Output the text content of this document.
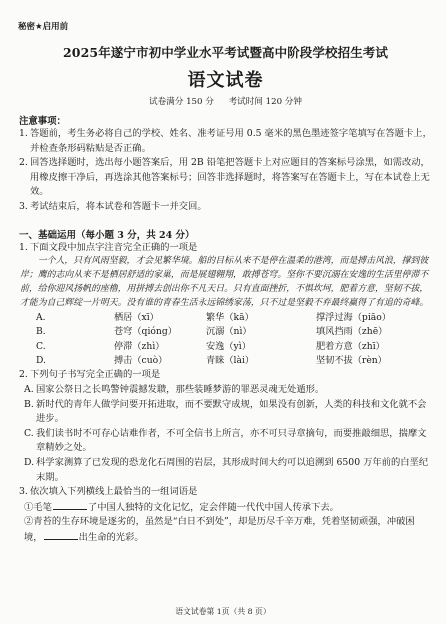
秘密★启用前
2025年遂宁市初中学业水平考试暨高中阶段学校招生考试
语文试卷
试卷满分 150 分 考试时间 120 分钟
注意事项：
1. 答题前，考生务必将自己的学校、姓名、准考证号用 0.5 毫米的黑色墨迹签字笔填写在答题卡上，并检查条形码粘贴是否正确。
2. 回答选择题时，选出每小题答案后，用 2B 铅笔把答题卡上对应题目的答案标号涂黑，如需改动，用橡皮擦干净后，再选涂其他答案标号；回答非选择题时，将答案写在答题卡上，写在本试卷上无效。
3. 考试结束后，将本试卷和答题卡一并交回。
一、基础运用（每小题 3 分，共 24 分）
1. 下面文段中加点字注音完全正确的一项是
一个人，只有风雨坚毅，才会见繁华境。船的目标从来不是停在温柔的港湾，而是搏击风浪，撑到彼岸；鹰的志向从来不是栖居舒适的家巢，而是展翅翱翔，敢搏苍穹。坚你不要沉溺在安逸的生活里停滞不前，给你迎风扬帆的座橹，用拼搏去创出你不凡天日。只有直面挫折，不惧坎坷，肥着方意，坚韧不拔，才能为自己辉绽一片明天。没有谁的青春生活永远锦绣家荡，只不过是坚毅不弃最终赢得了有追的奇峰。
A.	栖居（xī）	繁华（kā）	撑浮过海（piāo）
B.	苍穹（qióng）	沉溺（nì）	填风挡雨（zhē）
C.	停滞（zhì）	安逸（yì）	肥着方意（zhī）
D.	搏击（cuò）	青睐（lài）	坚韧不拔（rèn）
2. 下列句子书写完全正确的一项是
A. 国家公祭日之长鸣警钟震撼发聩，那些装睡梦游的罪恶灵魂无处遁形。
B. 新时代的青年人做学问要开拓进取，而不要默守成规，如果没有创新，人类的科技和文化就不会进步。
C. 我们读书时不可存心诘难作者，不可全信书上所言，亦不可只寻章摘句，而要推敲细思，揣摩文章精妙之处。
D. 科学家测算了已发现的恐龙化石周围的岩层，其形成时间大约可以追溯到 6500 万年前的白垩纪末期。
3. 依次填入下列横线上最恰当的一组词语是
①毛笔	了中国人独特的文化记忆，定会伴随一代代中国人传承下去。
②青苔的生存环境是逐劣的，虽然是“白日不到处”，却是历尽千辛万难，凭着坚韧顽强，冲破困境，	出生命的光彩。
语文试卷第 1页（共 8 页）
